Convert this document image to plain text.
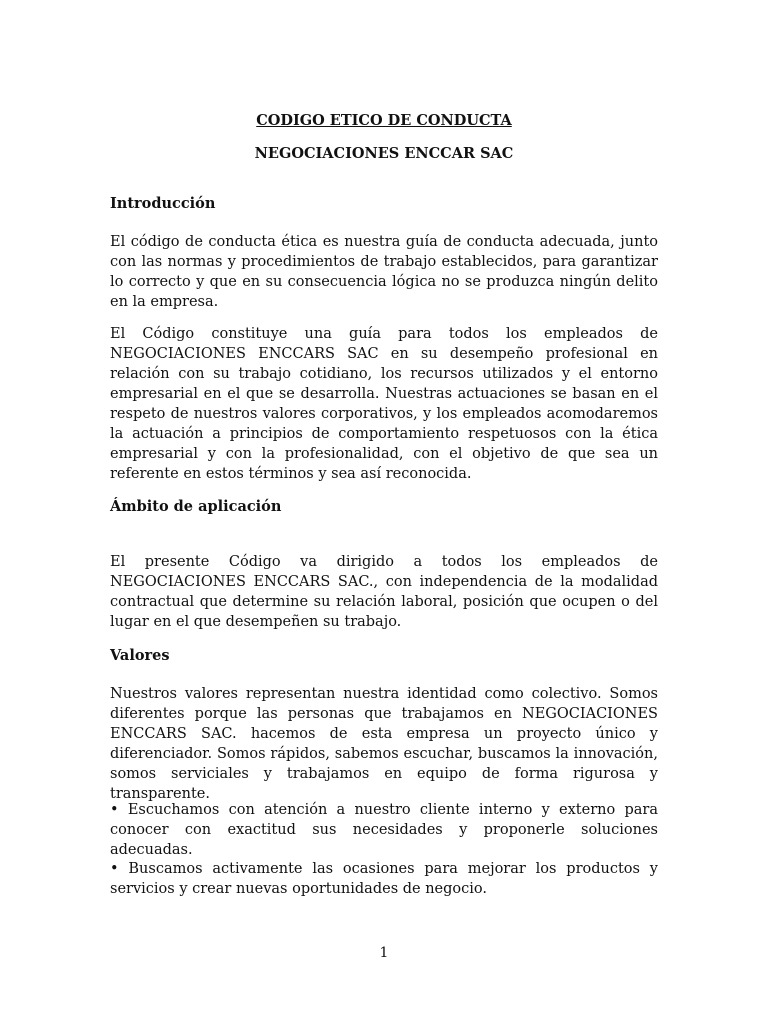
CODIGO ETICO DE CONDUCTA
NEGOCIACIONES ENCCAR SAC
Introducción

El código de conducta ética es nuestra guía de conducta adecuada, junto con las normas y procedimientos de trabajo establecidos, para garantizar lo correcto y que en su consecuencia lógica no se produzca ningún delito en la empresa.

El Código constituye una guía para todos los empleados de NEGOCIACIONES ENCCARS SAC en su desempeño profesional en relación con su trabajo cotidiano, los recursos utilizados y el entorno empresarial en el que se desarrolla. Nuestras actuaciones se basan en el respeto de nuestros valores corporativos, y los empleados acomodaremos la actuación a principios de comportamiento respetuosos con la ética empresarial y con la profesionalidad, con el objetivo de que sea un referente en estos términos y sea así reconocida.

Ámbito de aplicación

El presente Código va dirigido a todos los empleados de NEGOCIACIONES ENCCARS SAC., con independencia de la modalidad contractual que determine su relación laboral, posición que ocupen o del lugar en el que desempeñen su trabajo.

Valores

Nuestros valores representan nuestra identidad como colectivo. Somos diferentes porque las personas que trabajamos en NEGOCIACIONES ENCCARS SAC. hacemos de esta empresa un proyecto único y diferenciador. Somos rápidos, sabemos escuchar, buscamos la innovación, somos serviciales y trabajamos en equipo de forma rigurosa y transparente.

• Escuchamos con atención a nuestro cliente interno y externo para conocer con exactitud sus necesidades y proponerle soluciones adecuadas.

• Buscamos activamente las ocasiones para mejorar los productos y servicios y crear nuevas oportunidades de negocio.

1
